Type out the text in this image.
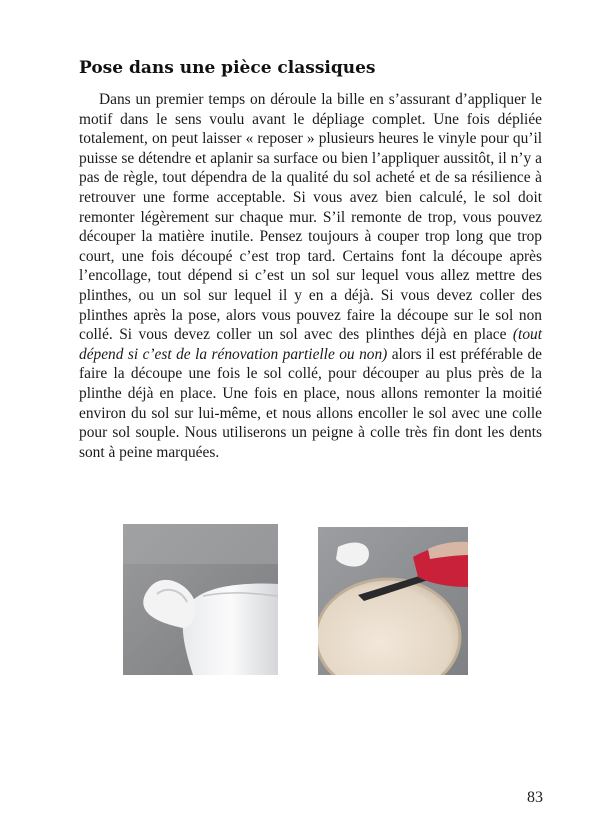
Pose dans une pièce classiques

Dans un premier temps on déroule la bille en s’assurant d’appliquer le motif dans le sens voulu avant le dépliage complet. Une fois dépliée totalement, on peut laisser « reposer » plusieurs heures le vinyle pour qu’il puisse se détendre et aplanir sa surface ou bien l’appliquer aussitôt, il n’y a pas de règle, tout dépendra de la qualité du sol acheté et de sa résilience à retrouver une forme acceptable. Si vous avez bien calculé, le sol doit remonter légèrement sur chaque mur. S’il remonte de trop, vous pouvez découper la matière inutile. Pensez toujours à couper trop long que trop court, une fois découpé c’est trop tard. Certains font la découpe après l’encollage, tout dépend si c’est un sol sur lequel vous allez mettre des plinthes, ou un sol sur lequel il y en a déjà. Si vous devez coller des plinthes après la pose, alors vous pouvez faire la découpe sur le sol non collé. Si vous devez coller un sol avec des plinthes déjà en place (tout dépend si c’est de la rénovation partielle ou non) alors il est préférable de faire la découpe une fois le sol collé, pour découper au plus près de la plinthe déjà en place. Une fois en place, nous allons remonter la moitié environ du sol sur lui-même, et nous allons encoller le sol avec une colle pour sol souple. Nous utiliserons un peigne à colle très fin dont les dents sont à peine marquées.

83
